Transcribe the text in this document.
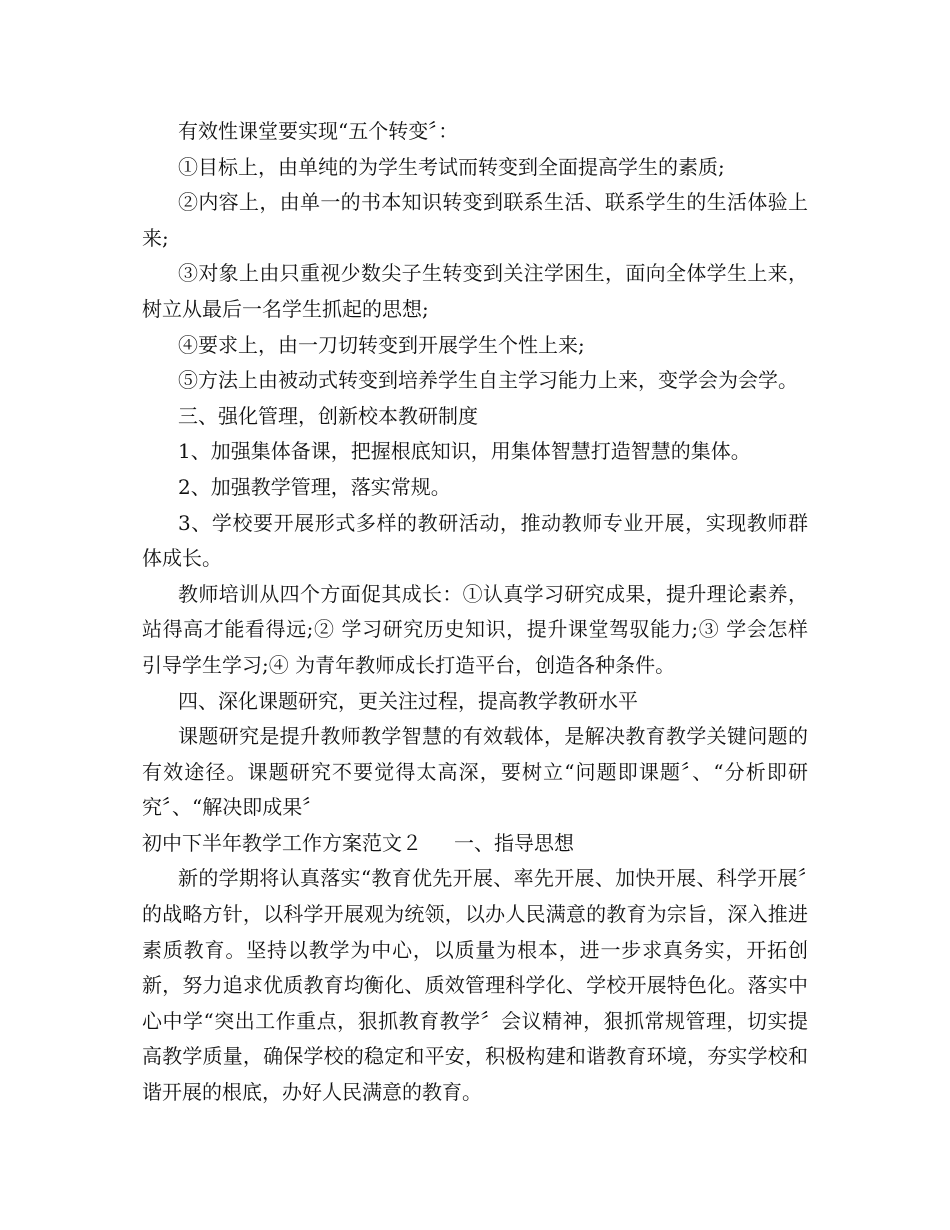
有效性课堂要实现“五个转变〞：

①目标上，由单纯的为学生考试而转变到全面提高学生的素质;

②内容上，由单一的书本知识转变到联系生活、联系学生的生活体验上来;

③对象上由只重视少数尖子生转变到关注学困生，面向全体学生上来，树立从最后一名学生抓起的思想;

④要求上，由一刀切转变到开展学生个性上来;

⑤方法上由被动式转变到培养学生自主学习能力上来，变学会为会学。

三、强化管理，创新校本教研制度

1、加强集体备课，把握根底知识，用集体智慧打造智慧的集体。

2、加强教学管理，落实常规。

3、学校要开展形式多样的教研活动，推动教师专业开展，实现教师群体成长。

教师培训从四个方面促其成长：①认真学习研究成果，提升理论素养，站得高才能看得远;② 学习研究历史知识，提升课堂驾驭能力;③ 学会怎样引导学生学习;④ 为青年教师成长打造平台，创造各种条件。

四、深化课题研究，更关注过程，提高教学教研水平

课题研究是提升教师教学智慧的有效载体，是解决教育教学关键问题的有效途径。课题研究不要觉得太高深，要树立“问题即课题〞、“分析即研究〞、“解决即成果〞

初中下半年教学工作方案范文２ 一、指导思想

新的学期将认真落实“教育优先开展、率先开展、加快开展、科学开展〞的战略方针，以科学开展观为统领，以办人民满意的教育为宗旨，深入推进素质教育。坚持以教学为中心，以质量为根本，进一步求真务实，开拓创新，努力追求优质教育均衡化、质效管理科学化、学校开展特色化。落实中心中学“突出工作重点，狠抓教育教学〞会议精神，狠抓常规管理，切实提高教学质量，确保学校的稳定和平安，积极构建和谐教育环境，夯实学校和谐开展的根底，办好人民满意的教育。
